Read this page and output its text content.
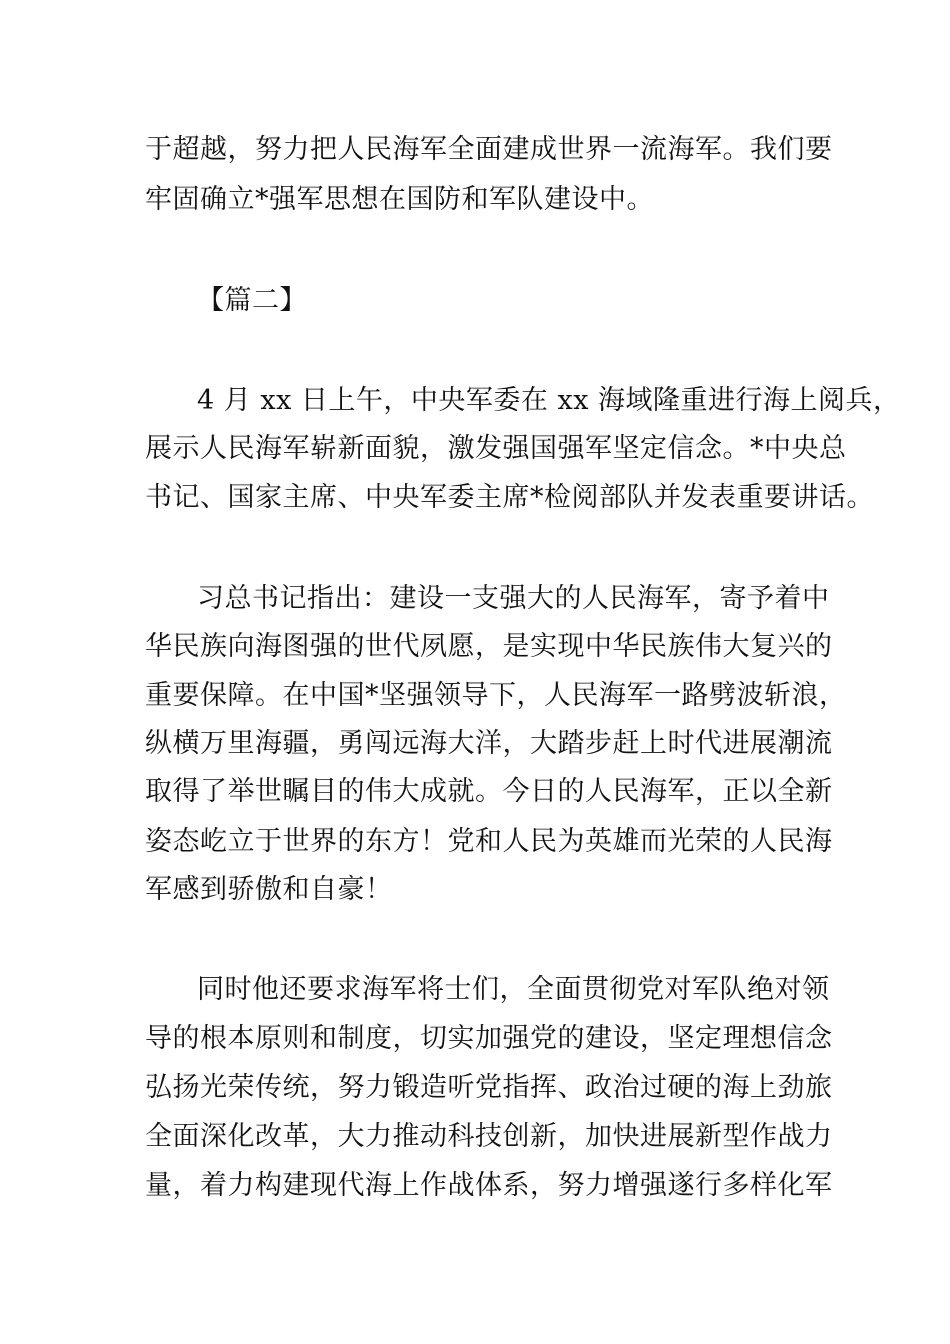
于超越，努力把人民海军全面建成世界一流海军。我们要
牢固确立*强军思想在国防和军队建设中。
【篇二】
4 月 xx 日上午，中央军委在 xx 海域隆重进行海上阅兵，
展示人民海军崭新面貌，激发强国强军坚定信念。*中央总
书记、国家主席、中央军委主席*检阅部队并发表重要讲话。
习总书记指出：建设一支强大的人民海军，寄予着中
华民族向海图强的世代夙愿，是实现中华民族伟大复兴的
重要保障。在中国*坚强领导下，人民海军一路劈波斩浪，
纵横万里海疆，勇闯远海大洋，大踏步赶上时代进展潮流
取得了举世瞩目的伟大成就。今日的人民海军，正以全新
姿态屹立于世界的东方！党和人民为英雄而光荣的人民海
军感到骄傲和自豪！
同时他还要求海军将士们，全面贯彻党对军队绝对领
导的根本原则和制度，切实加强党的建设，坚定理想信念
弘扬光荣传统，努力锻造听党指挥、政治过硬的海上劲旅
全面深化改革，大力推动科技创新，加快进展新型作战力
量，着力构建现代海上作战体系，努力增强遂行多样化军
